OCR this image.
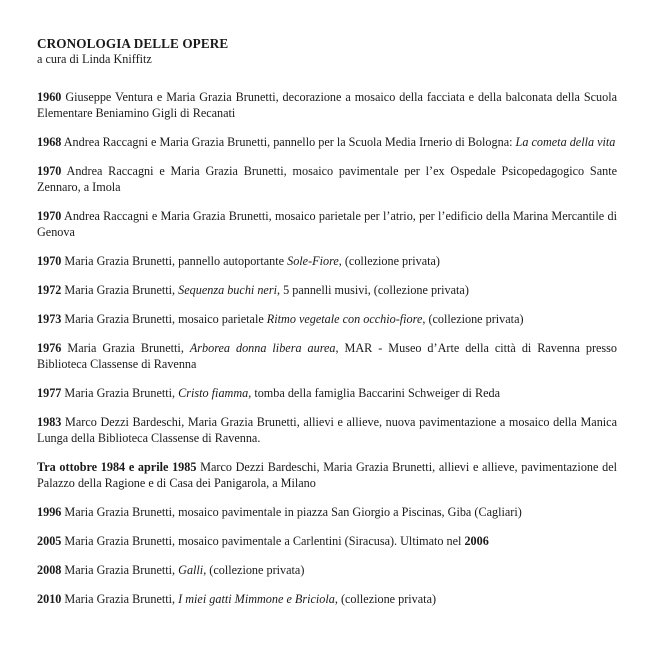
CRONOLOGIA DELLE OPERE
a cura di Linda Kniffitz

1960 Giuseppe Ventura e Maria Grazia Brunetti, decorazione a mosaico della facciata e della balconata della Scuola Elementare Beniamino Gigli di Recanati

1968 Andrea Raccagni e Maria Grazia Brunetti, pannello per la Scuola Media Irnerio di Bologna: La cometa della vita

1970 Andrea Raccagni e Maria Grazia Brunetti, mosaico pavimentale per l’ex Ospedale Psicopedagogico Sante Zennaro, a Imola

1970 Andrea Raccagni e Maria Grazia Brunetti, mosaico parietale per l’atrio, per l’edificio della Marina Mercantile di Genova

1970 Maria Grazia Brunetti, pannello autoportante Sole-Fiore, (collezione privata)

1972 Maria Grazia Brunetti, Sequenza buchi neri, 5 pannelli musivi, (collezione privata)

1973 Maria Grazia Brunetti, mosaico parietale Ritmo vegetale con occhio-fiore, (collezione privata)

1976 Maria Grazia Brunetti, Arborea donna libera aurea, MAR - Museo d’Arte della città di Ravenna presso Biblioteca Classense di Ravenna

1977 Maria Grazia Brunetti, Cristo fiamma, tomba della famiglia Baccarini Schweiger di Reda

1983 Marco Dezzi Bardeschi, Maria Grazia Brunetti, allievi e allieve, nuova pavimentazione a mosaico della Manica Lunga della Biblioteca Classense di Ravenna.

Tra ottobre 1984 e aprile 1985 Marco Dezzi Bardeschi, Maria Grazia Brunetti, allievi e allieve, pavimentazione del Palazzo della Ragione e di Casa dei Panigarola, a Milano

1996 Maria Grazia Brunetti, mosaico pavimentale in piazza San Giorgio a Piscinas, Giba (Cagliari)

2005 Maria Grazia Brunetti, mosaico pavimentale a Carlentini (Siracusa). Ultimato nel 2006

2008 Maria Grazia Brunetti, Galli, (collezione privata)

2010 Maria Grazia Brunetti, I miei gatti Mimmone e Briciola, (collezione privata)
